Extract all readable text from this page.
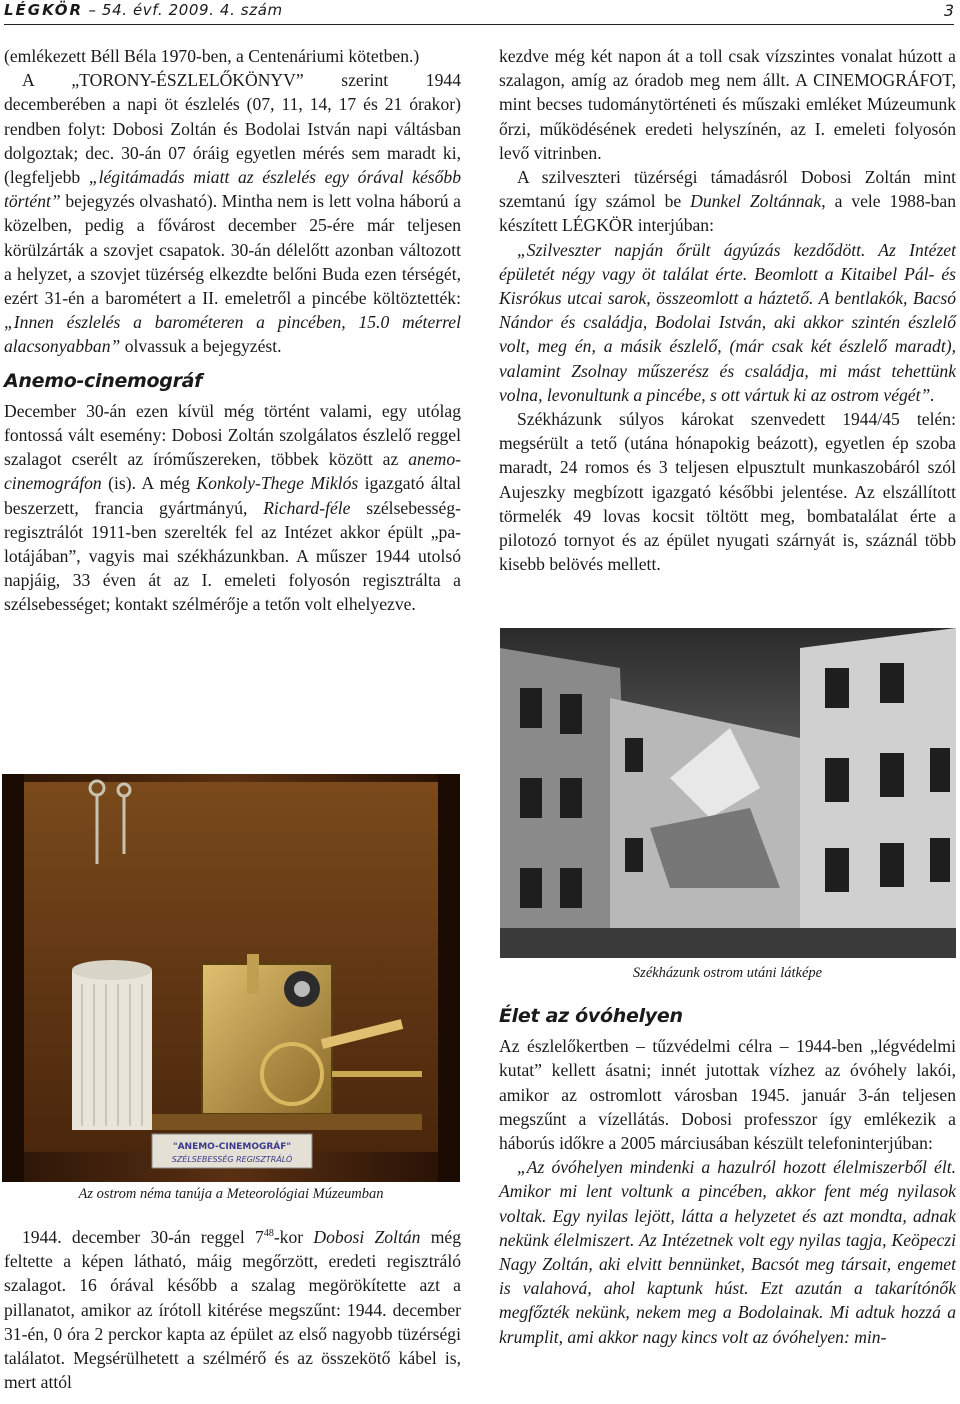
LÉGKÖR – 54. évf. 2009. 4. szám	3

(emlékezett Béll Béla 1970-ben, a Centenáriumi kötetben.)

A „TORONY-ÉSZLELŐKÖNYV” szerint 1944 decemberében a napi öt észlelés (07, 11, 14, 17 és 21 órakor) rendben folyt: Dobosi Zoltán és Bodolai István napi váltásban dolgoztak; dec. 30-án 07 óráig egyetlen mérés sem maradt ki, (legfeljebb „légitámadás miatt az észlelés egy órával később történt” bejegyzés olvasható). Mintha nem is lett volna háború a közelben, pedig a fővárost december 25-ére már teljesen körülzárták a szovjet csapatok. 30-án délelőtt azonban változott a helyzet, a szovjet tüzérség elkezdte belőni Buda ezen térségét, ezért 31-én a barométert a II. emeletről a pincébe költöztették: „Innen észlelés a barométeren a pincében, 15.0 méterrel alacsonyabban” olvassuk a bejegyzést.

Anemo-cinemográf

December 30-án ezen kívül még történt valami, egy utólag fontossá vált esemény: Dobosi Zoltán szolgálatos észlelő reggel szalagot cserélt az íróműszereken, többek között az anemo-cinemográfon (is). A még Konkoly-Thege Miklós igazgató által beszerzett, francia gyártmányú, Richard-féle szélsebesség-regisztrálót 1911-ben szerelték fel az Intézet akkor épült „palotájában”, vagyis mai székházunkban. A műszer 1944 utolsó napjáig, 33 éven át az I. emeleti folyosón regisztrálta a szélsebességet; kontakt szélmérője a tetőn volt elhelyezve.

"ANEMO-CINEMOGRÁF"
SZÉLSEBESSÉG REGISZTRÁLÓ
Az ostrom néma tanúja a Meteorológiai Múzeumban

1944. december 30-án reggel $7^{48}$-kor Dobosi Zoltán még feltette a képen látható, máig megőrzött, eredeti regisztráló szalagot. 16 órával később a szalag megörökítette azt a pillanatot, amikor az írótoll kitérése megszűnt: 1944. december 31-én, 0 óra 2 perckor kapta az épület az első nagyobb tüzérségi találatot. Megsérülhetett a szélmérő és az összekötő kábel is, mert attól

kezdve még két napon át a toll csak vízszintes vonalat húzott a szalagon, amíg az óradob meg nem állt. A CINEMOGRÁFOT, mint becses tudománytörténeti és műszaki emléket Múzeumunk őrzi, működésének eredeti helyszínén, az I. emeleti folyosón levő vitrinben.

A szilveszteri tüzérségi támadásról Dobosi Zoltán mint szemtanú így számol be Dunkel Zoltánnak, a vele 1988-ban készített LÉGKÖR interjúban:

„Szilveszter napján őrült ágyúzás kezdődött. Az Intézet épületét négy vagy öt találat érte. Beomlott a Kitaibel Pál- és Kisrókus utcai sarok, összeomlott a háztető. A bentlakók, Bacsó Nándor és családja, Bodolai István, aki akkor szintén észlelő volt, meg én, a másik észlelő, (már csak két észlelő maradt), valamint Zsolnay műszerész és családja, mi mást tehettünk volna, levonultunk a pincébe, s ott vártuk ki az ostrom végét”.

Székházunk súlyos károkat szenvedett 1944/45 telén: megsérült a tető (utána hónapokig beázott), egyetlen ép szoba maradt, 24 romos és 3 teljesen elpusztult munkaszobáról szól Aujeszky megbízott igazgató későbbi jelentése. Az elszállított törmelék 49 lovas kocsit töltött meg, bombatalálat érte a pilotozó tornyot és az épület nyugati szárnyát is, száznál több kisebb belövés mellett.

Székházunk ostrom utáni látképe
Élet az óvóhelyen

Az észlelőkertben – tűzvédelmi célra – 1944-ben „légvédelmi kutat” kellett ásatni; innét jutottak vízhez az óvóhely lakói, amikor az ostromlott városban 1945. január 3-án teljesen megszűnt a vízellátás. Dobosi professzor így emlékezik a háborús időkre a 2005 márciusában készült telefoninterjúban:

„Az óvóhelyen mindenki a hazulról hozott élelmiszerből élt. Amikor mi lent voltunk a pincében, akkor fent még nyilasok voltak. Egy nyilas lejött, látta a helyzetet és azt mondta, adnak nekünk élelmiszert. Az Intézetnek volt egy nyilas tagja, Keöpeczi Nagy Zoltán, aki elvitt bennünket, Bacsót meg társait, engemet is valahová, ahol kaptunk húst. Ezt azután a takarítónők megfőzték nekünk, nekem meg a Bodolainak. Mi adtuk hozzá a krumplit, ami akkor nagy kincs volt az óvóhelyen: min-
